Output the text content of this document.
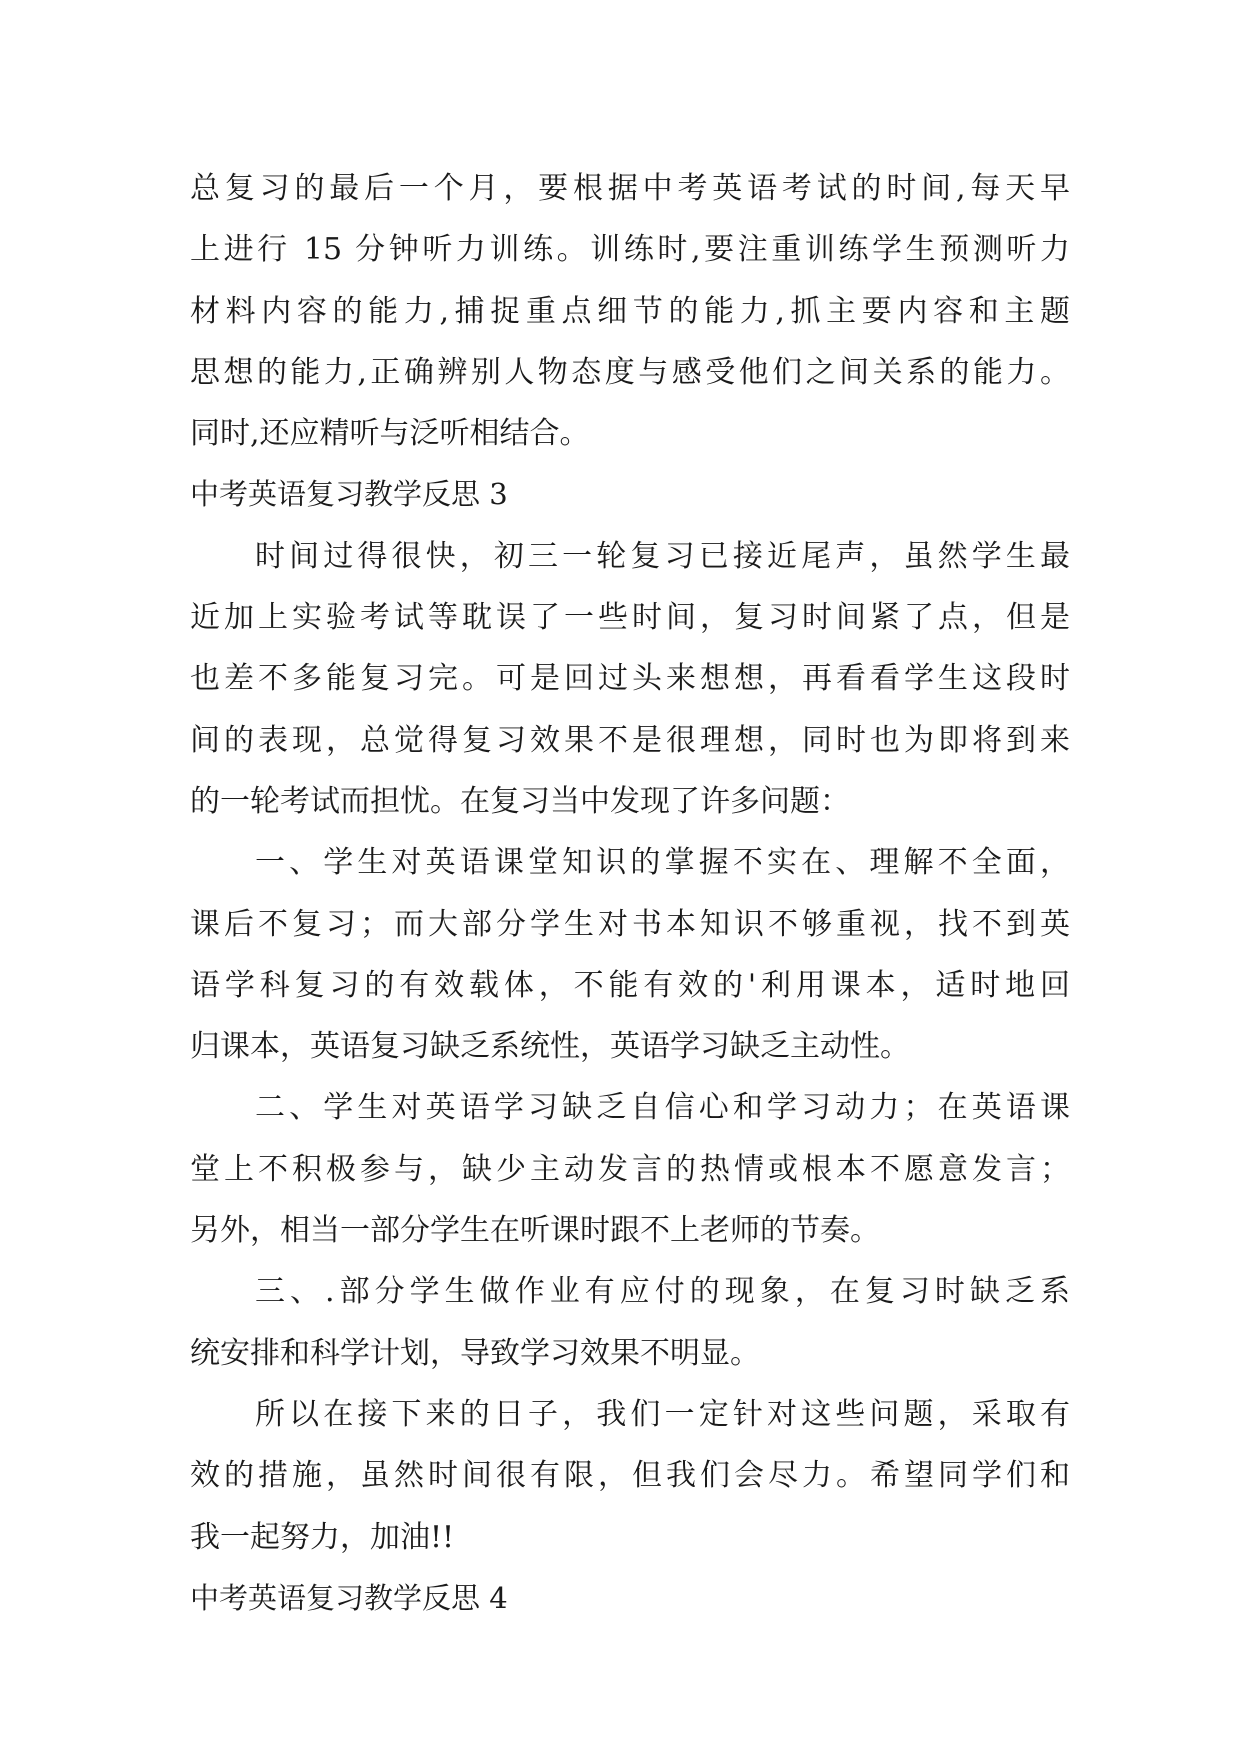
总复习的最后一个月，要根据中考英语考试的时间,每天早
上进行 15 分钟听力训练。训练时,要注重训练学生预测听力
材料内容的能力,捕捉重点细节的能力,抓主要内容和主题
思想的能力,正确辨别人物态度与感受他们之间关系的能力。
同时,还应精听与泛听相结合。
中考英语复习教学反思 3
时间过得很快，初三一轮复习已接近尾声，虽然学生最
近加上实验考试等耽误了一些时间，复习时间紧了点，但是
也差不多能复习完。可是回过头来想想，再看看学生这段时
间的表现，总觉得复习效果不是很理想，同时也为即将到来
的一轮考试而担忧。在复习当中发现了许多问题：
一、学生对英语课堂知识的掌握不实在、理解不全面，
课后不复习；而大部分学生对书本知识不够重视，找不到英
语学科复习的有效载体，不能有效的'利用课本，适时地回
归课本，英语复习缺乏系统性，英语学习缺乏主动性。
二、学生对英语学习缺乏自信心和学习动力；在英语课
堂上不积极参与，缺少主动发言的热情或根本不愿意发言；
另外，相当一部分学生在听课时跟不上老师的节奏。
三、.部分学生做作业有应付的现象，在复习时缺乏系
统安排和科学计划，导致学习效果不明显。
所以在接下来的日子，我们一定针对这些问题，采取有
效的措施，虽然时间很有限，但我们会尽力。希望同学们和
我一起努力，加油!!
中考英语复习教学反思 4
